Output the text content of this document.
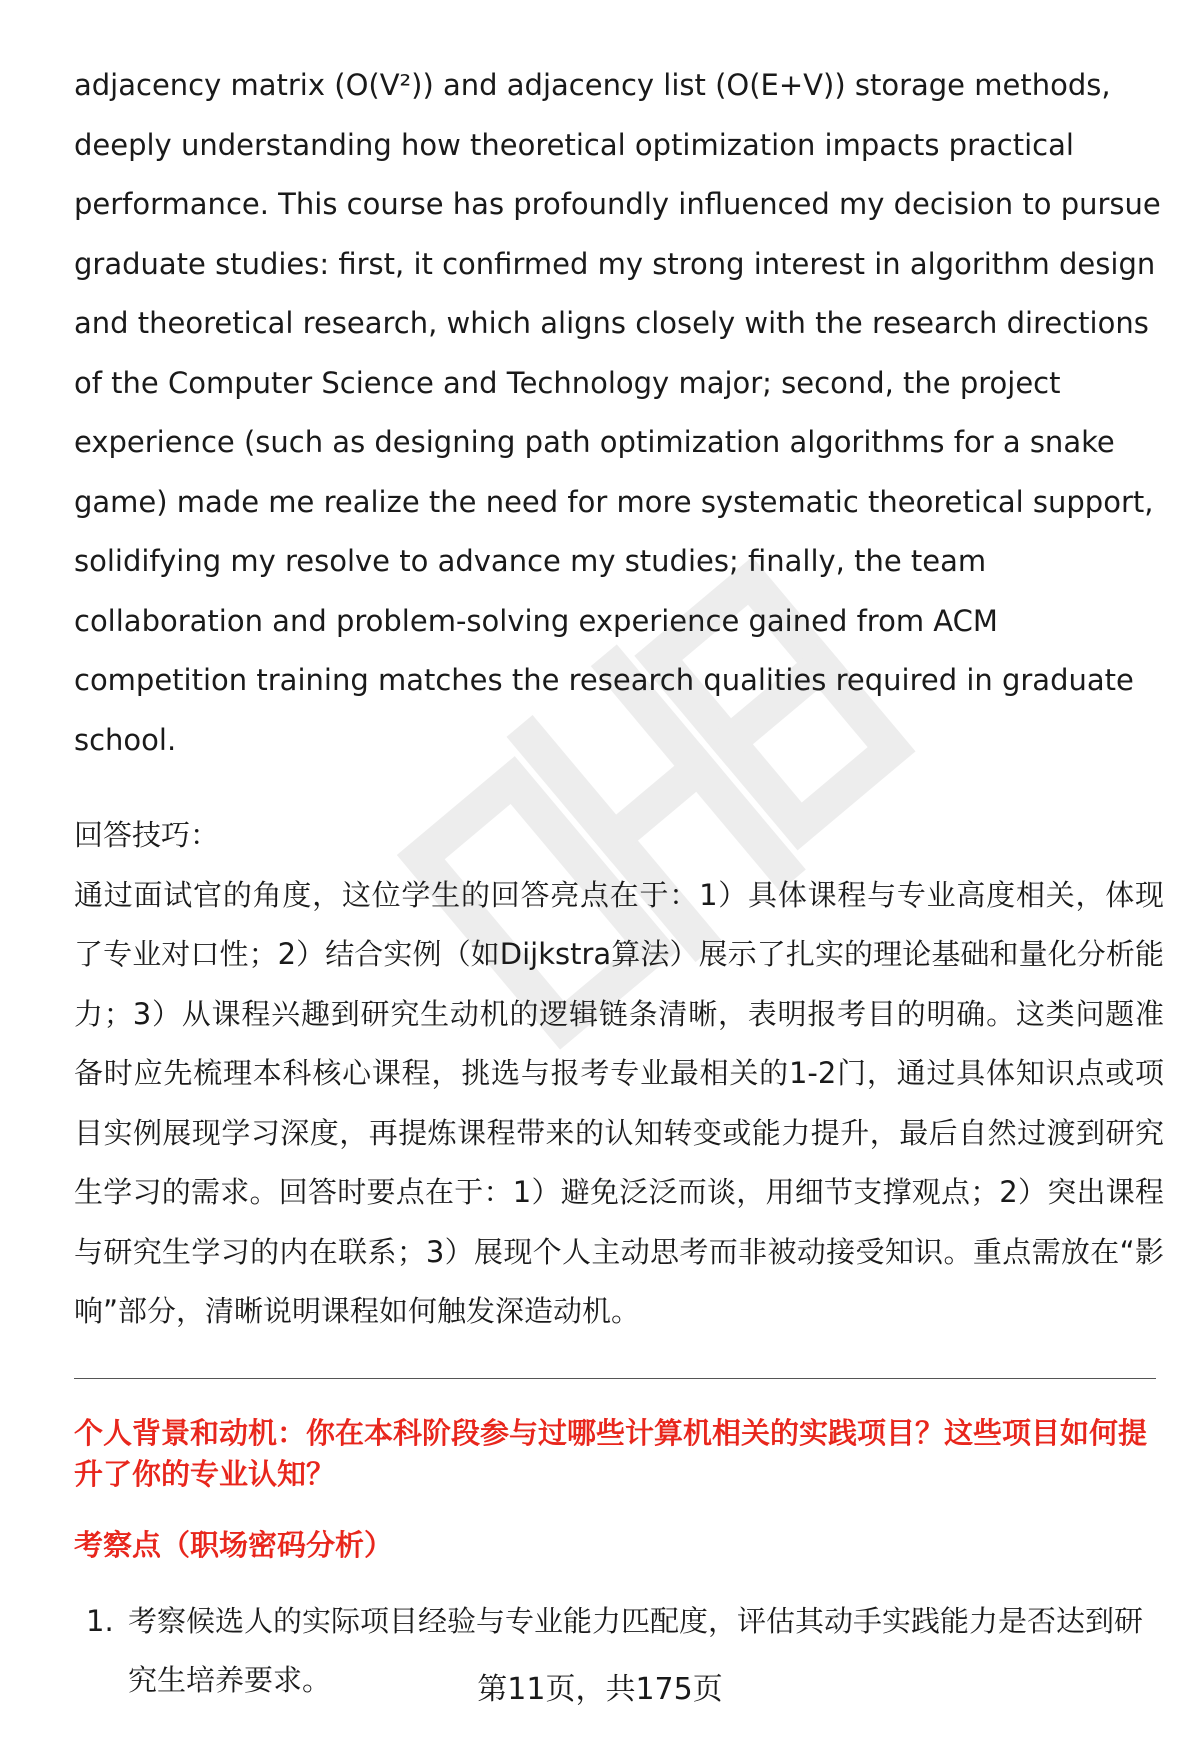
adjacency matrix (O(V²)) and adjacency list (O(E+V)) storage methods, deeply understanding how theoretical optimization impacts practical performance. This course has profoundly influenced my decision to pursue graduate studies: first, it confirmed my strong interest in algorithm design and theoretical research, which aligns closely with the research directions of the Computer Science and Technology major; second, the project experience (such as designing path optimization algorithms for a snake game) made me realize the need for more systematic theoretical support, solidifying my resolve to advance my studies; finally, the team collaboration and problem-solving experience gained from ACM competition training matches the research qualities required in graduate school.

回答技巧：

通过面试官的角度，这位学生的回答亮点在于：1）具体课程与专业高度相关，体现了专业对口性；2）结合实例（如Dijkstra算法）展示了扎实的理论基础和量化分析能力；3）从课程兴趣到研究生动机的逻辑链条清晰，表明报考目的明确。这类问题准备时应先梳理本科核心课程，挑选与报考专业最相关的1-2门，通过具体知识点或项目实例展现学习深度，再提炼课程带来的认知转变或能力提升，最后自然过渡到研究生学习的需求。回答时要点在于：1）避免泛泛而谈，用细节支撑观点；2）突出课程与研究生学习的内在联系；3）展现个人主动思考而非被动接受知识。重点需放在“影响”部分，清晰说明课程如何触发深造动机。

个人背景和动机：你在本科阶段参与过哪些计算机相关的实践项目？这些项目如何提升了你的专业认知？

考察点（职场密码分析）

1. 考察候选人的实际项目经验与专业能力匹配度，评估其动手实践能力是否达到研究生培养要求。	第11页，共175页
